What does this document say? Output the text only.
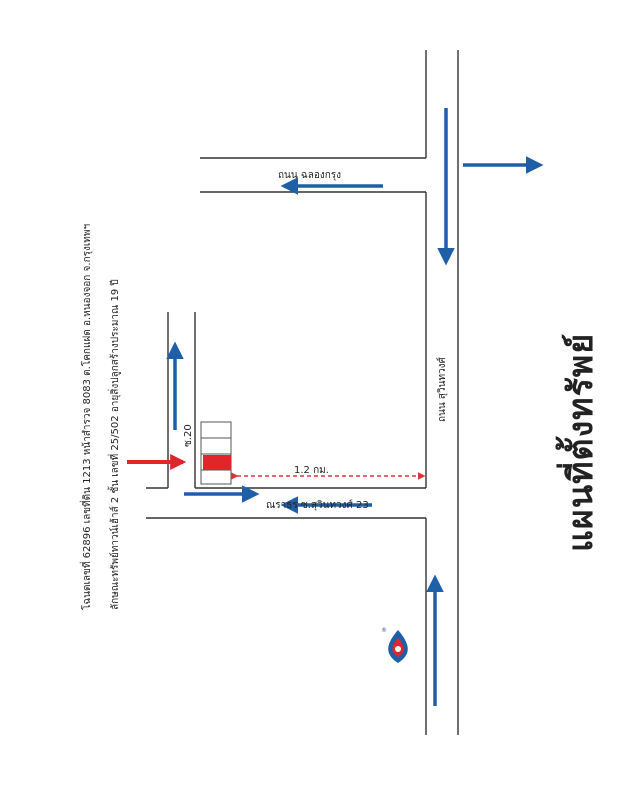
®
แผนที่ตั้งทรัพย์
โฉนดเลขที่ 62896 เลขที่ดิน 1213 หน้าสำรวจ 8083 ต.โคกแฝด อ.หนองจอก จ.กรุงเทพฯ ลักษณะทรัพย์ทาวน์เฮ้าส์ 2 ชั้น เลขที่ 25/502 อายุสิ่งปลูกสร้างประมาณ 19 ปี
ถนน ฉลองกรุง
ถนน สุวินทวงศ์
ณราธร ซ.สุวินทวงศ์ 23
ซ.20
1.2 กม.
